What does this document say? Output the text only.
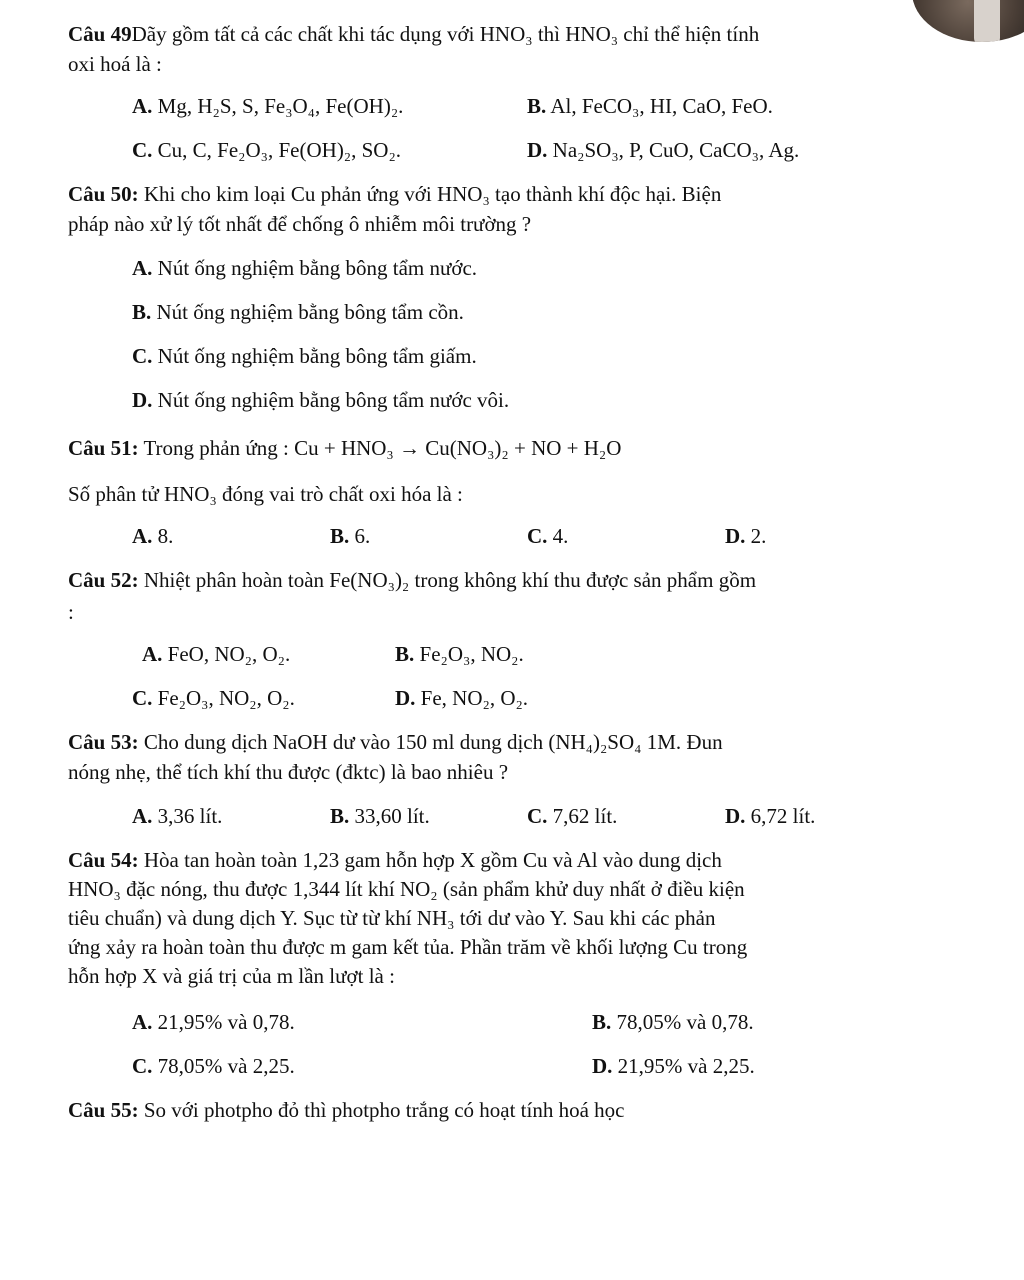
Câu 49Dãy gồm tất cả các chất khi tác dụng với HNO₃ thì HNO₃ chỉ thể hiện tính
oxi hoá là :
A. Mg, H₂S, S, Fe₃O₄, Fe(OH)₂.	B. Al, FeCO₃, HI, CaO, FeO.
C. Cu, C, Fe₂O₃, Fe(OH)₂, SO₂.	D. Na₂SO₃, P, CuO, CaCO₃, Ag.
Câu 50: Khi cho kim loại Cu phản ứng với HNO₃ tạo thành khí độc hại. Biện
pháp nào xử lý tốt nhất để chống ô nhiễm môi trường ?
A. Nút ống nghiệm bằng bông tẩm nước.
B. Nút ống nghiệm bằng bông tẩm cồn.
C. Nút ống nghiệm bằng bông tẩm giấm.
D. Nút ống nghiệm bằng bông tẩm nước vôi.
Câu 51: Trong phản ứng : Cu + HNO₃ → Cu(NO₃)₂ + NO + H₂O
Số phân tử HNO₃ đóng vai trò chất oxi hóa là :
A. 8.	B. 6.	C. 4.	D. 2.
Câu 52: Nhiệt phân hoàn toàn Fe(NO₃)₂ trong không khí thu được sản phẩm gồm
:
A. FeO, NO₂, O₂.	B. Fe₂O₃, NO₂.
C. Fe₂O₃, NO₂, O₂.	D. Fe, NO₂, O₂.
Câu 53: Cho dung dịch NaOH dư vào 150 ml dung dịch (NH₄)₂SO₄ 1M. Đun
nóng nhẹ, thể tích khí thu được (đktc) là bao nhiêu ?
A. 3,36 lít.	B. 33,60 lít.	C. 7,62 lít.	D. 6,72 lít.
Câu 54: Hòa tan hoàn toàn 1,23 gam hỗn hợp X gồm Cu và Al vào dung dịch
HNO₃ đặc nóng, thu được 1,344 lít khí NO₂ (sản phẩm khử duy nhất ở điều kiện
tiêu chuẩn) và dung dịch Y. Sục từ từ khí NH₃ tới dư vào Y. Sau khi các phản
ứng xảy ra hoàn toàn thu được m gam kết tủa. Phần trăm về khối lượng Cu trong
hỗn hợp X và giá trị của m lần lượt là :
A. 21,95% và 0,78.	B. 78,05% và 0,78.
C. 78,05% và 2,25.	D. 21,95% và 2,25.
Câu 55: So với photpho đỏ thì photpho trắng có hoạt tính hoá học
